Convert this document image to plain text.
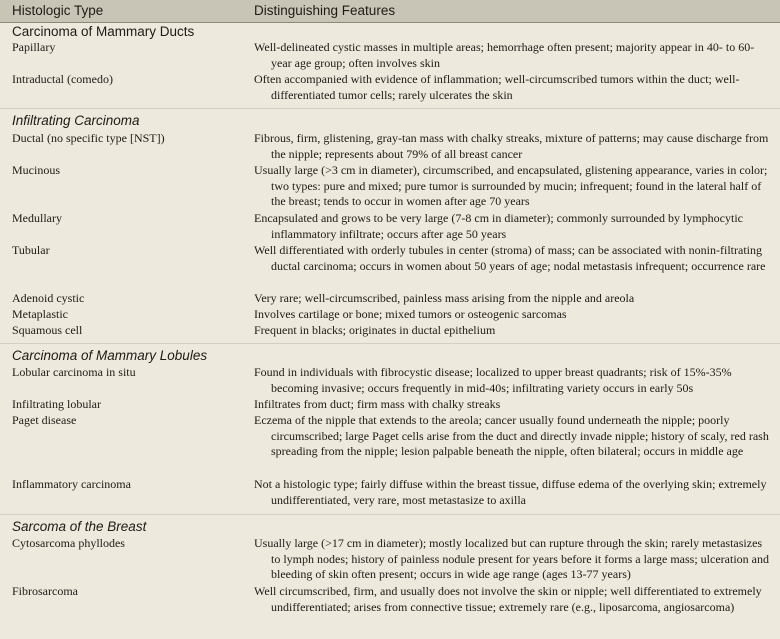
Histologic Type	Distinguishing Features
Carcinoma of Mammary Ducts
Papillary	Well-delineated cystic masses in multiple areas; hemorrhage often present; majority appear in 40- to 60-year age group; often involves skin
Intraductal (comedo)	Often accompanied with evidence of inflammation; well-circumscribed tumors within the duct; well-differentiated tumor cells; rarely ulcerates the skin
Infiltrating Carcinoma
Ductal (no specific type [NST])	Fibrous, firm, glistening, gray-tan mass with chalky streaks, mixture of patterns; may cause discharge from the nipple; represents about 79% of all breast cancer
Mucinous	Usually large (>3 cm in diameter), circumscribed, and encapsulated, glistening appearance, varies in color; two types: pure and mixed; pure tumor is surrounded by mucin; infrequent; found in the lateral half of the breast; tends to occur in women after age 70 years
Medullary	Encapsulated and grows to be very large (7-8 cm in diameter); commonly surrounded by lymphocytic inflammatory infiltrate; occurs after age 50 years
Tubular	Well differentiated with orderly tubules in center (stroma) of mass; can be associated with nonin-filtrating ductal carcinoma; occurs in women about 50 years of age; nodal metastasis infrequent; occurrence rare
Adenoid cystic	Very rare; well-circumscribed, painless mass arising from the nipple and areola
Metaplastic	Involves cartilage or bone; mixed tumors or osteogenic sarcomas
Squamous cell	Frequent in blacks; originates in ductal epithelium
Carcinoma of Mammary Lobules
Lobular carcinoma in situ	Found in individuals with fibrocystic disease; localized to upper breast quadrants; risk of 15%-35% becoming invasive; occurs frequently in mid-40s; infiltrating variety occurs in early 50s
Infiltrating lobular	Infiltrates from duct; firm mass with chalky streaks
Paget disease	Eczema of the nipple that extends to the areola; cancer usually found underneath the nipple; poorly circumscribed; large Paget cells arise from the duct and directly invade nipple; history of scaly, red rash spreading from the nipple; lesion palpable beneath the nipple, often bilateral; occurs in middle age
Inflammatory carcinoma	Not a histologic type; fairly diffuse within the breast tissue, diffuse edema of the overlying skin; extremely undifferentiated, very rare, most metastasize to axilla
Sarcoma of the Breast
Cytosarcoma phyllodes	Usually large (>17 cm in diameter); mostly localized but can rupture through the skin; rarely metastasizes to lymph nodes; history of painless nodule present for years before it forms a large mass; ulceration and bleeding of skin often present; occurs in wide age range (ages 13-77 years)
Fibrosarcoma	Well circumscribed, firm, and usually does not involve the skin or nipple; well differentiated to extremely undifferentiated; arises from connective tissue; extremely rare (e.g., liposarcoma, angiosarcoma)
